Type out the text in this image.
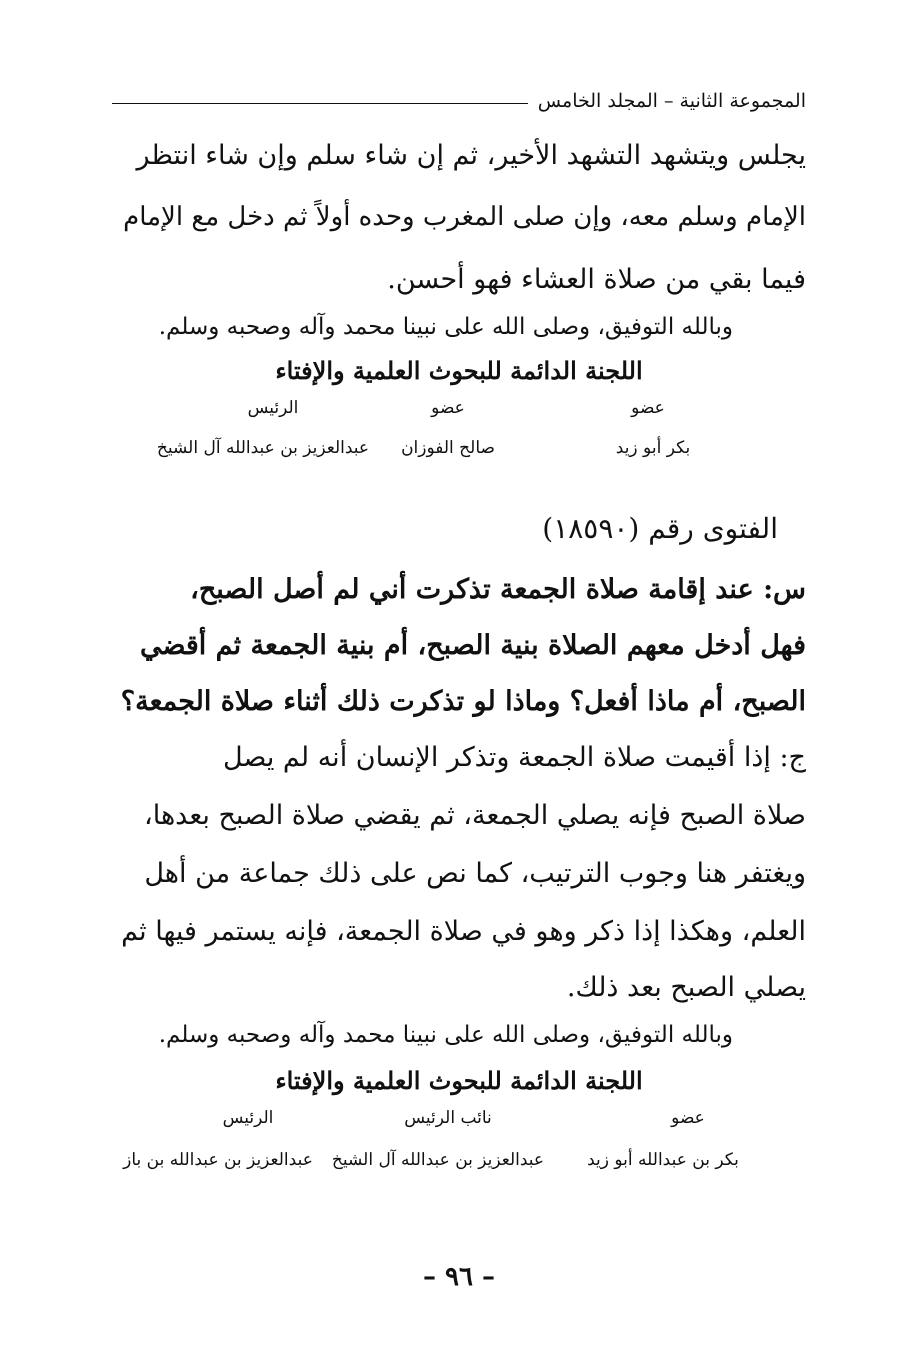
المجموعة الثانية – المجلد الخامس
يجلس ويتشهد التشهد الأخير، ثم إن شاء سلم وإن شاء انتظر
الإمام وسلم معه، وإن صلى المغرب وحده أولاً ثم دخل مع الإمام
فيما بقي من صلاة العشاء فهو أحسن.
وبالله التوفيق، وصلى الله على نبينا محمد وآله وصحبه وسلم.
اللجنة الدائمة للبحوث العلمية والإفتاء
عضو
عضو
الرئيس
بكر أبو زيد
صالح الفوزان
عبدالعزيز بن عبدالله آل الشيخ
الفتوى رقم (١٨٥٩٠)
س: عند إقامة صلاة الجمعة تذكرت أني لم أصل الصبح،
فهل أدخل معهم الصلاة بنية الصبح، أم بنية الجمعة ثم أقضي
الصبح، أم ماذا أفعل؟ وماذا لو تذكرت ذلك أثناء صلاة الجمعة؟
ج: إذا أقيمت صلاة الجمعة وتذكر الإنسان أنه لم يصل
صلاة الصبح فإنه يصلي الجمعة، ثم يقضي صلاة الصبح بعدها،
ويغتفر هنا وجوب الترتيب، كما نص على ذلك جماعة من أهل
العلم، وهكذا إذا ذكر وهو في صلاة الجمعة، فإنه يستمر فيها ثم
يصلي الصبح بعد ذلك.
وبالله التوفيق، وصلى الله على نبينا محمد وآله وصحبه وسلم.
اللجنة الدائمة للبحوث العلمية والإفتاء
عضو
نائب الرئيس
الرئيس
بكر بن عبدالله أبو زيد
عبدالعزيز بن عبدالله آل الشيخ
عبدالعزيز بن عبدالله بن باز
– ٩٦ –
